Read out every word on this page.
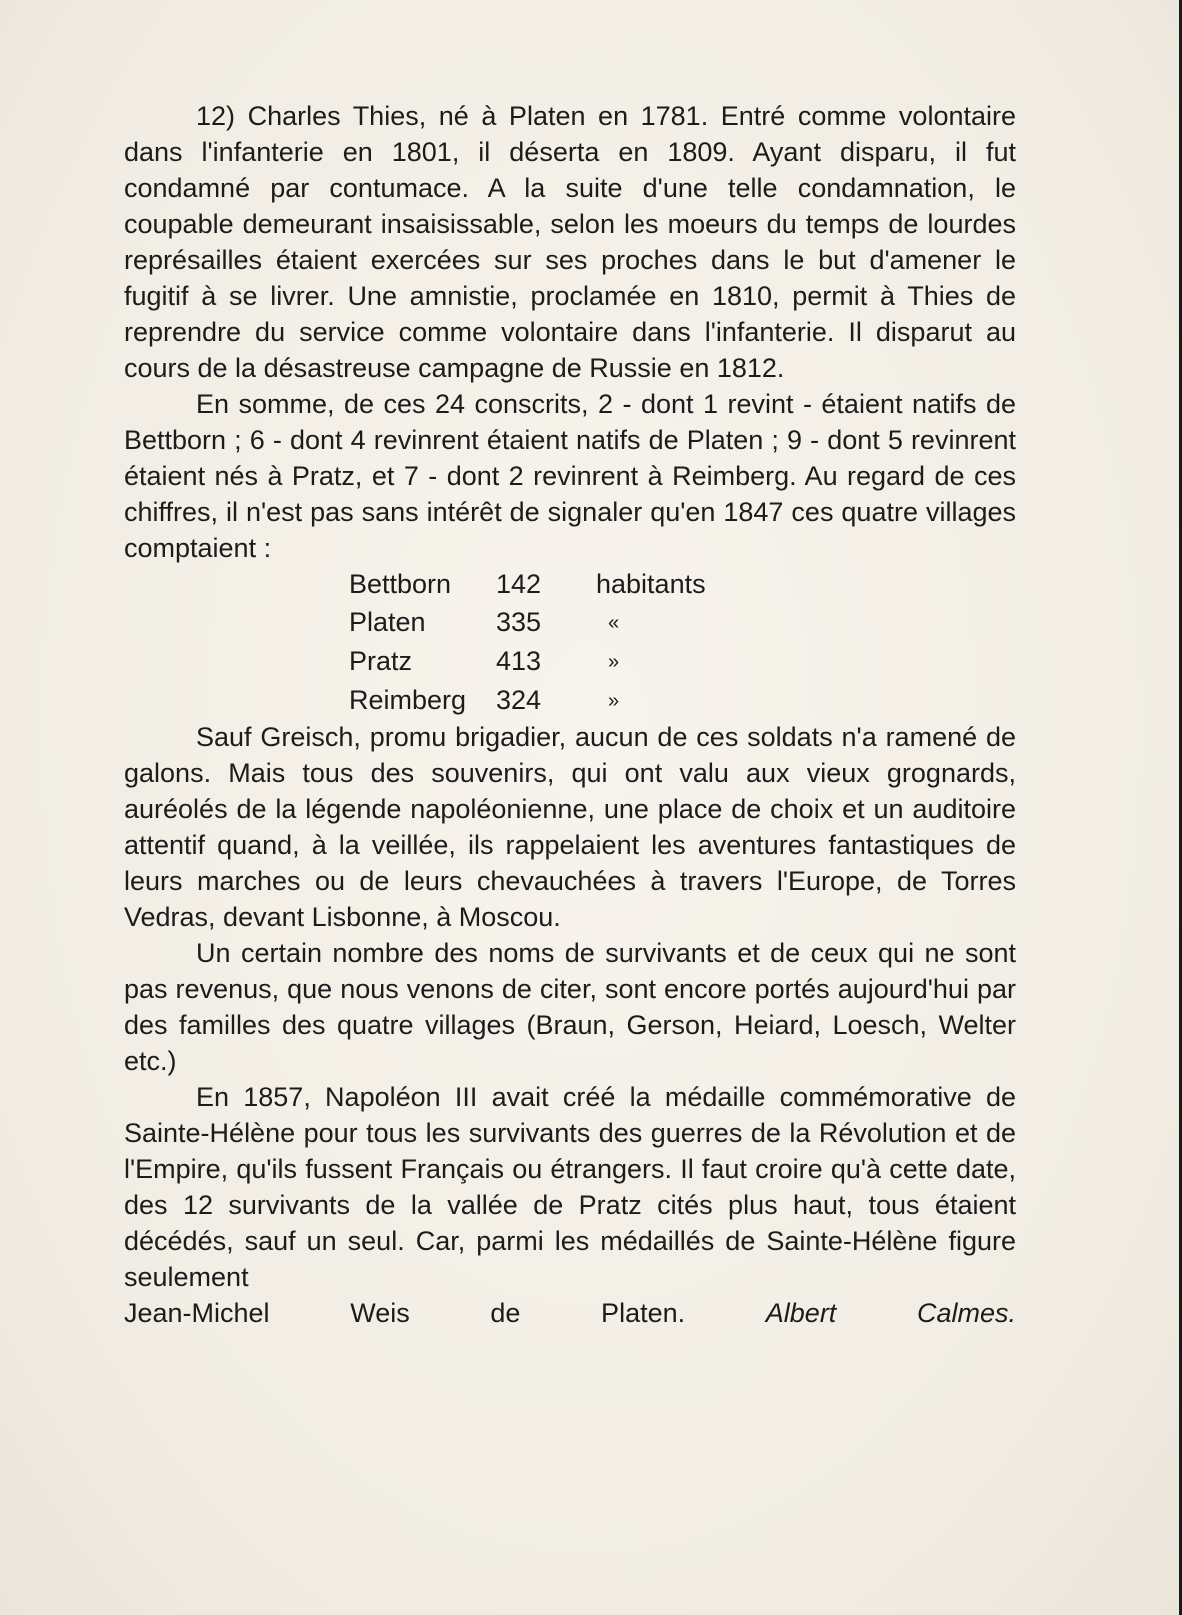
12) Charles Thies, né à Platen en 1781. Entré comme volontaire dans l'infanterie en 1801, il déserta en 1809. Ayant disparu, il fut condamné par contumace. A la suite d'une telle condamnation, le coupable demeurant insaisissable, selon les moeurs du temps de lourdes représailles étaient exercées sur ses proches dans le but d'amener le fugitif à se livrer. Une amnistie, proclamée en 1810, permit à Thies de reprendre du service comme volontaire dans l'infanterie. Il disparut au cours de la désastreuse campagne de Russie en 1812.

En somme, de ces 24 conscrits, 2 - dont 1 revint - étaient natifs de Bettborn ; 6 - dont 4 revinrent étaient natifs de Platen ; 9 - dont 5 revinrent étaient nés à Pratz, et 7 - dont 2 revinrent à Reimberg. Au regard de ces chiffres, il n'est pas sans intérêt de signaler qu'en 1847 ces quatre villages comptaient :

Bettborn	142	habitants
Platen	335	«
Pratz	413	»
Reimberg	324	»

Sauf Greisch, promu brigadier, aucun de ces soldats n'a ramené de galons. Mais tous des souvenirs, qui ont valu aux vieux grognards, auréolés de la légende napoléonienne, une place de choix et un auditoire attentif quand, à la veillée, ils rappelaient les aventures fantastiques de leurs marches ou de leurs chevauchées à travers l'Europe, de Torres Vedras, devant Lisbonne, à Moscou.

Un certain nombre des noms de survivants et de ceux qui ne sont pas revenus, que nous venons de citer, sont encore portés aujourd'hui par des familles des quatre villages (Braun, Gerson, Heiard, Loesch, Welter etc.)

En 1857, Napoléon III avait créé la médaille commémorative de Sainte-Hélène pour tous les survivants des guerres de la Révolution et de l'Empire, qu'ils fussent Français ou étrangers. Il faut croire qu'à cette date, des 12 survivants de la vallée de Pratz cités plus haut, tous étaient décédés, sauf un seul. Car, parmi les médaillés de Sainte-Hélène figure seulement

Jean-Michel Weis de Platen.	Albert Calmes.
